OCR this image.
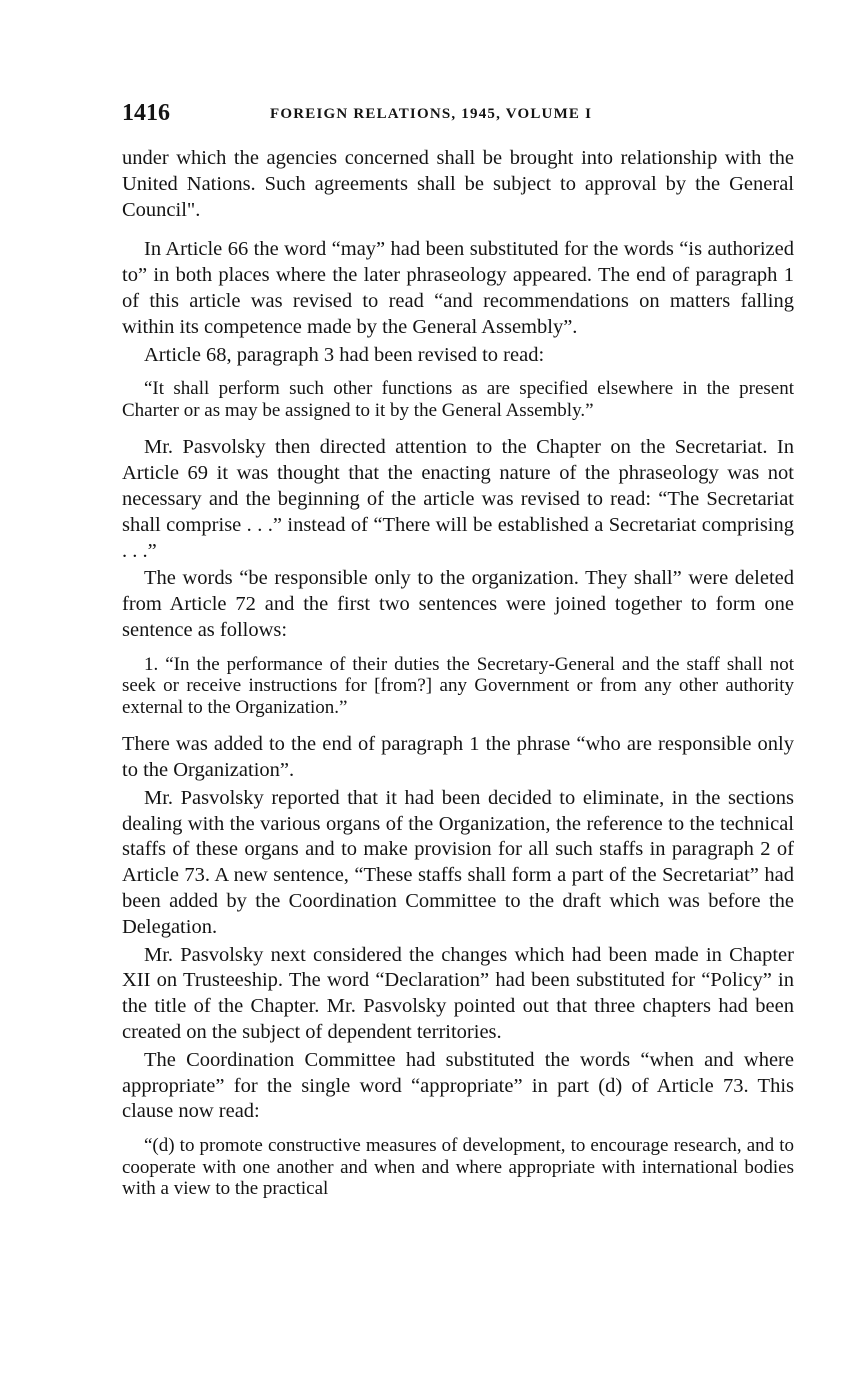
1416	FOREIGN RELATIONS, 1945, VOLUME I

under which the agencies concerned shall be brought into relationship with the United Nations. Such agreements shall be subject to approval by the General Council".

In Article 66 the word “may” had been substituted for the words “is authorized to” in both places where the later phraseology appeared. The end of paragraph 1 of this article was revised to read “and recommendations on matters falling within its competence made by the General Assembly”.

Article 68, paragraph 3 had been revised to read:

“It shall perform such other functions as are specified elsewhere in the present Charter or as may be assigned to it by the General Assembly.”

Mr. Pasvolsky then directed attention to the Chapter on the Secretariat. In Article 69 it was thought that the enacting nature of the phraseology was not necessary and the beginning of the article was revised to read: “The Secretariat shall comprise . . .” instead of “There will be established a Secretariat comprising . . .”

The words “be responsible only to the organization. They shall” were deleted from Article 72 and the first two sentences were joined together to form one sentence as follows:

1. “In the performance of their duties the Secretary-General and the staff shall not seek or receive instructions for [from?] any Government or from any other authority external to the Organization.”

There was added to the end of paragraph 1 the phrase “who are responsible only to the Organization”.

Mr. Pasvolsky reported that it had been decided to eliminate, in the sections dealing with the various organs of the Organization, the reference to the technical staffs of these organs and to make provision for all such staffs in paragraph 2 of Article 73. A new sentence, “These staffs shall form a part of the Secretariat” had been added by the Coordination Committee to the draft which was before the Delegation.

Mr. Pasvolsky next considered the changes which had been made in Chapter XII on Trusteeship. The word “Declaration” had been substituted for “Policy” in the title of the Chapter. Mr. Pasvolsky pointed out that three chapters had been created on the subject of dependent territories.

The Coordination Committee had substituted the words “when and where appropriate” for the single word “appropriate” in part (d) of Article 73. This clause now read:

“(d) to promote constructive measures of development, to encourage research, and to cooperate with one another and when and where appropriate with international bodies with a view to the practical
